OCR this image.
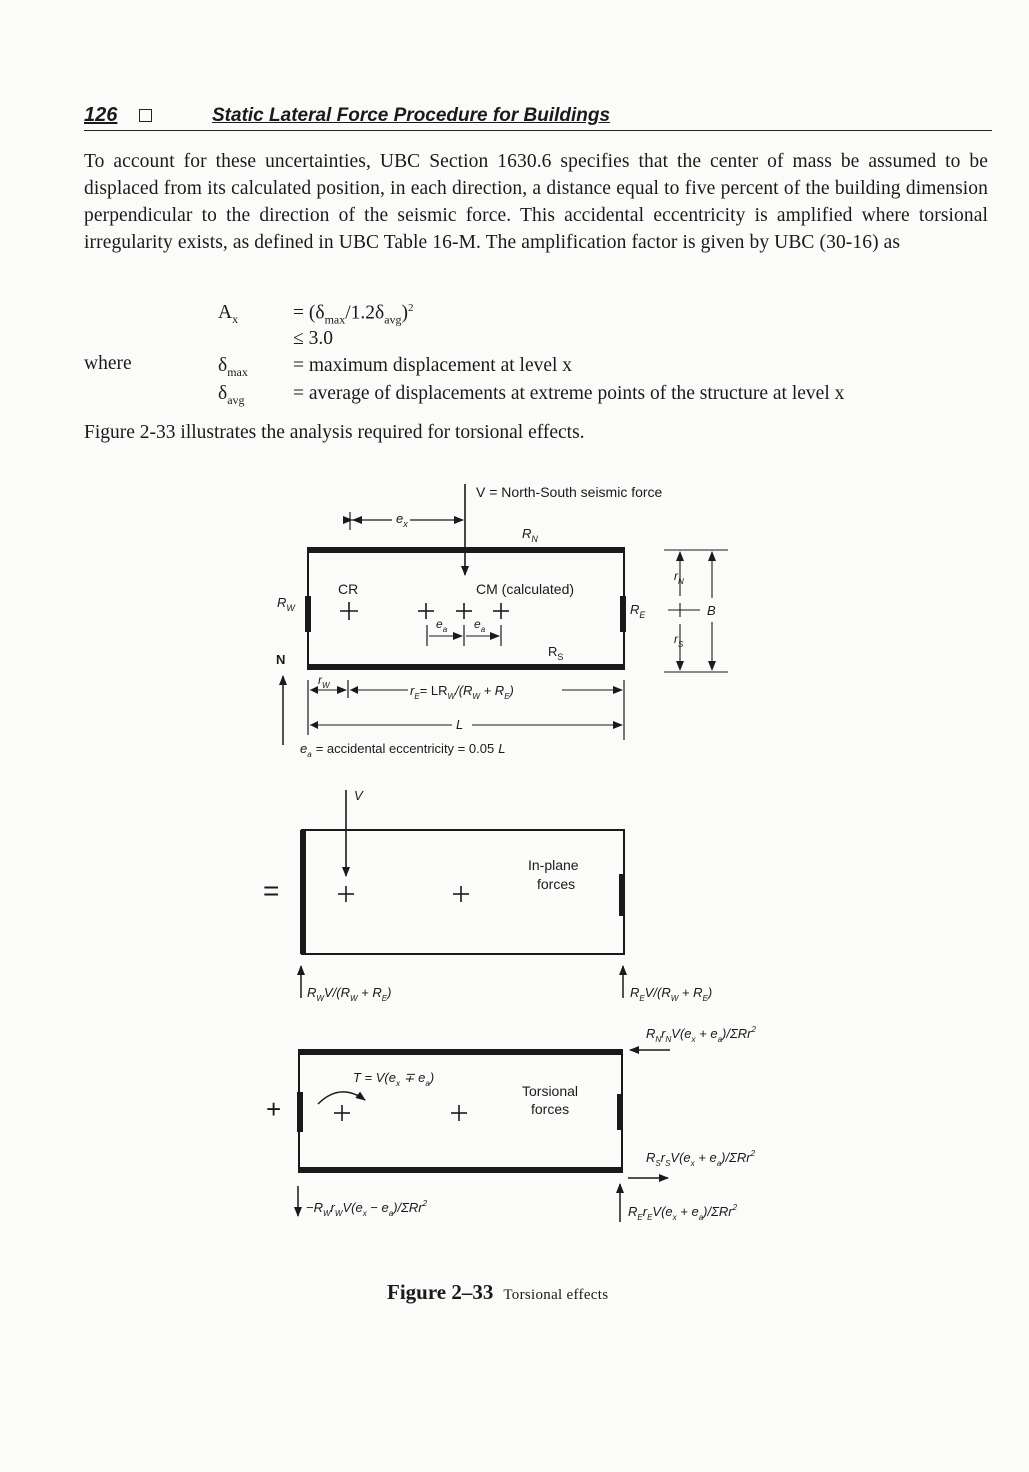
126	Static Lateral Force Procedure for Buildings
To account for these uncertainties, UBC Section 1630.6 specifies that the center of mass be assumed to be displaced from its calculated position, in each direction, a distance equal to five percent of the building dimension perpendicular to the direction of the seismic force. This accidental eccentricity is amplified where torsional irregularity exists, as defined in UBC Table 16-M. The amplification factor is given by UBC (30-16) as
$A_x$	= $(\delta_{max}/1.2\delta_{avg})^2$
≤ 3.0
where	$\delta_{max}$ = maximum displacement at level x
$\delta_{avg}$ = average of displacements at extreme points of the structure at level x
Figure 2-33 illustrates the analysis required for torsional effects.
V = North-South seismic force
$e_x$
$R_N$
CR	CM (calculated)
$R_W$	$R_E$
$e_a$ $e_a$
$R_S$
N
$r_W$	$r_E= LR_W/(R_W + R_E)$
L
$e_a$ = accidental eccentricity = 0.05 L
$r_N$
$r_S$
B
=
V
In-plane
forces
$R_WV/(R_W + R_E)$	$R_EV/(R_W + R_E)$
+
$T = V(e_x \mp e_a)$
Torsional
forces
$R_Nr_NV(e_x + e_a)/\Sigma Rr^2$
$R_Sr_SV(e_x + e_a)/\Sigma Rr^2$
$-R_Wr_WV(e_x - e_a)/\Sigma Rr^2$
$R_Er_EV(e_x + e_a)/\Sigma Rr^2$
Figure 2–33 Torsional effects
